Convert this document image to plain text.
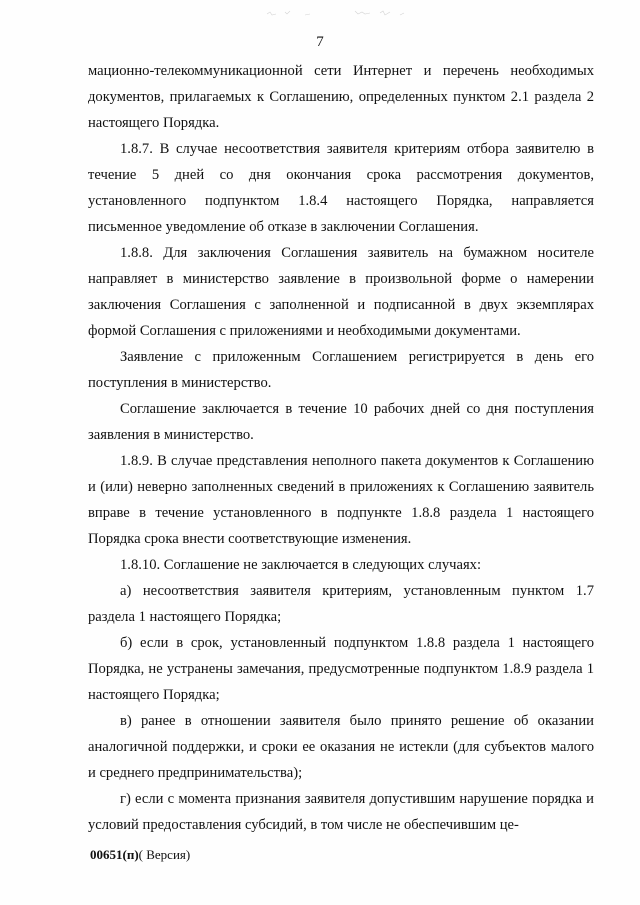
7

мационно-телекоммуникационной сети Интернет и перечень необходимых документов, прилагаемых к Соглашению, определенных пунктом 2.1 раздела 2 настоящего Порядка.

1.8.7. В случае несоответствия заявителя критериям отбора заявителю в течение 5 дней со дня окончания срока рассмотрения документов, установленного подпунктом 1.8.4 настоящего Порядка, направляется письменное уведомление об отказе в заключении Соглашения.

1.8.8. Для заключения Соглашения заявитель на бумажном носителе направляет в министерство заявление в произвольной форме о намерении заключения Соглашения с заполненной и подписанной в двух экземплярах формой Соглашения с приложениями и необходимыми документами.

Заявление с приложенным Соглашением регистрируется в день его поступления в министерство.

Соглашение заключается в течение 10 рабочих дней со дня поступления заявления в министерство.

1.8.9. В случае представления неполного пакета документов к Соглашению и (или) неверно заполненных сведений в приложениях к Соглашению заявитель вправе в течение установленного в подпункте 1.8.8 раздела 1 настоящего Порядка срока внести соответствующие изменения.

1.8.10. Соглашение не заключается в следующих случаях:

а) несоответствия заявителя критериям, установленным пунктом 1.7 раздела 1 настоящего Порядка;

б) если в срок, установленный подпунктом 1.8.8 раздела 1 настоящего Порядка, не устранены замечания, предусмотренные подпунктом 1.8.9 раздела 1 настоящего Порядка;

в) ранее в отношении заявителя было принято решение об оказании аналогичной поддержки, и сроки ее оказания не истекли (для субъектов малого и среднего предпринимательства);

г) если с момента признания заявителя допустившим нарушение порядка и условий предоставления субсидий, в том числе не обеспечившим це-

00651(п)( Версия)
